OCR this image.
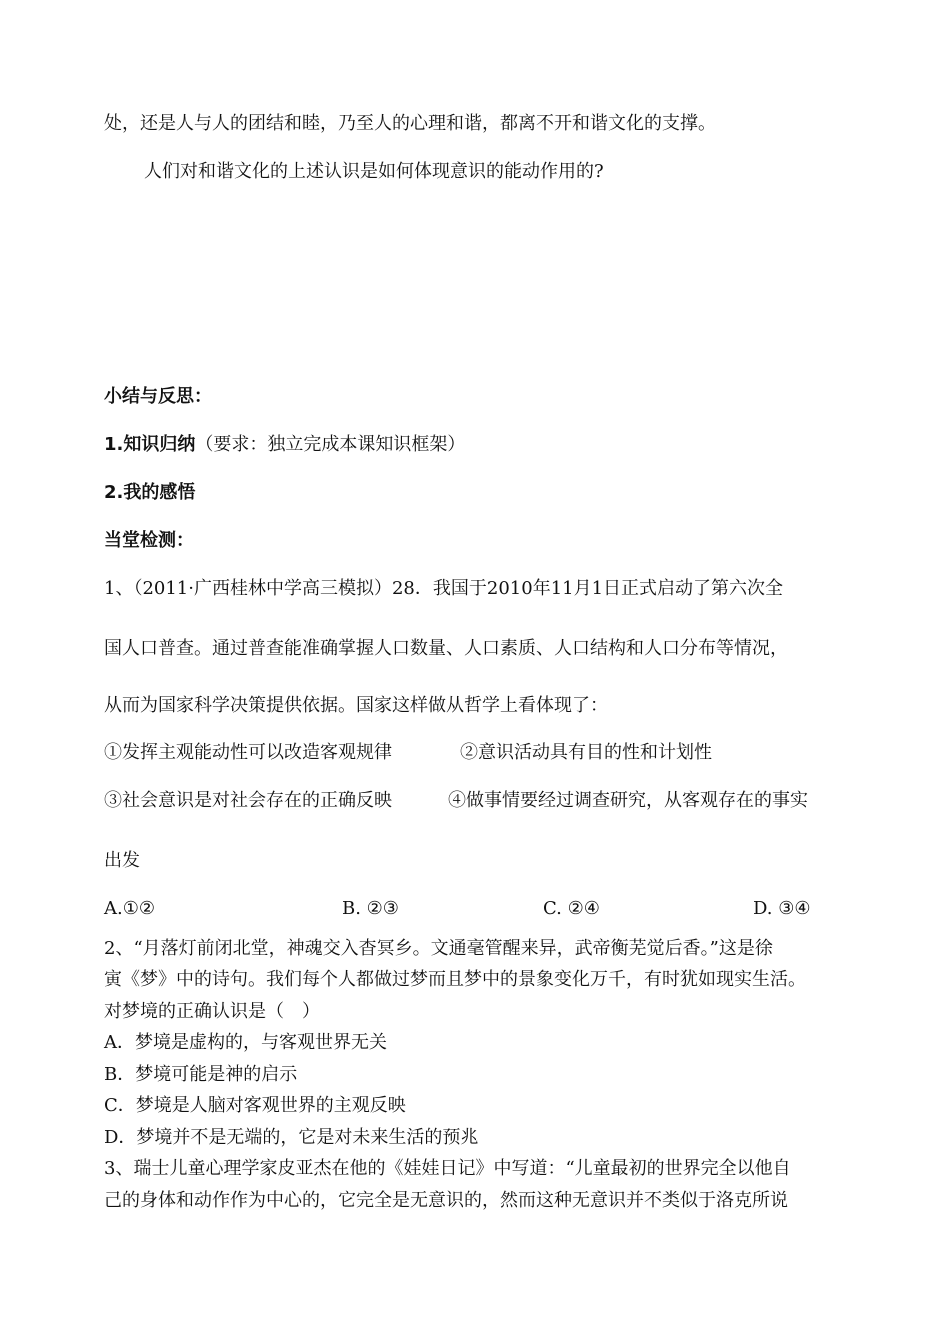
处，还是人与人的团结和睦，乃至人的心理和谐，都离不开和谐文化的支撑。
人们对和谐文化的上述认识是如何体现意识的能动作用的?
小结与反思：
1.知识归纳（要求：独立完成本课知识框架）
2.我的感悟
当堂检测：
1、（2011·广西桂林中学高三模拟）28．我国于2010年11月1日正式启动了第六次全
国人口普查。通过普查能准确掌握人口数量、人口素质、人口结构和人口分布等情况，
从而为国家科学决策提供依据。国家这样做从哲学上看体现了：
①发挥主观能动性可以改造客观规律	②意识活动具有目的性和计划性
③社会意识是对社会存在的正确反映	④做事情要经过调查研究，从客观存在的事实
出发
A.①②	B. ②③	C. ②④	D. ③④
2、“月落灯前闭北堂，神魂交入杳冥乡。文通毫管醒来异，武帝衡芜觉后香。”这是徐
寅《梦》中的诗句。我们每个人都做过梦而且梦中的景象变化万千，有时犹如现实生活。
对梦境的正确认识是（　）
A．梦境是虚构的，与客观世界无关
B．梦境可能是神的启示
C．梦境是人脑对客观世界的主观反映
D．梦境并不是无端的，它是对未来生活的预兆
3、瑞士儿童心理学家皮亚杰在他的《娃娃日记》中写道：“儿童最初的世界完全以他自
己的身体和动作作为中心的，它完全是无意识的，然而这种无意识并不类似于洛克所说
